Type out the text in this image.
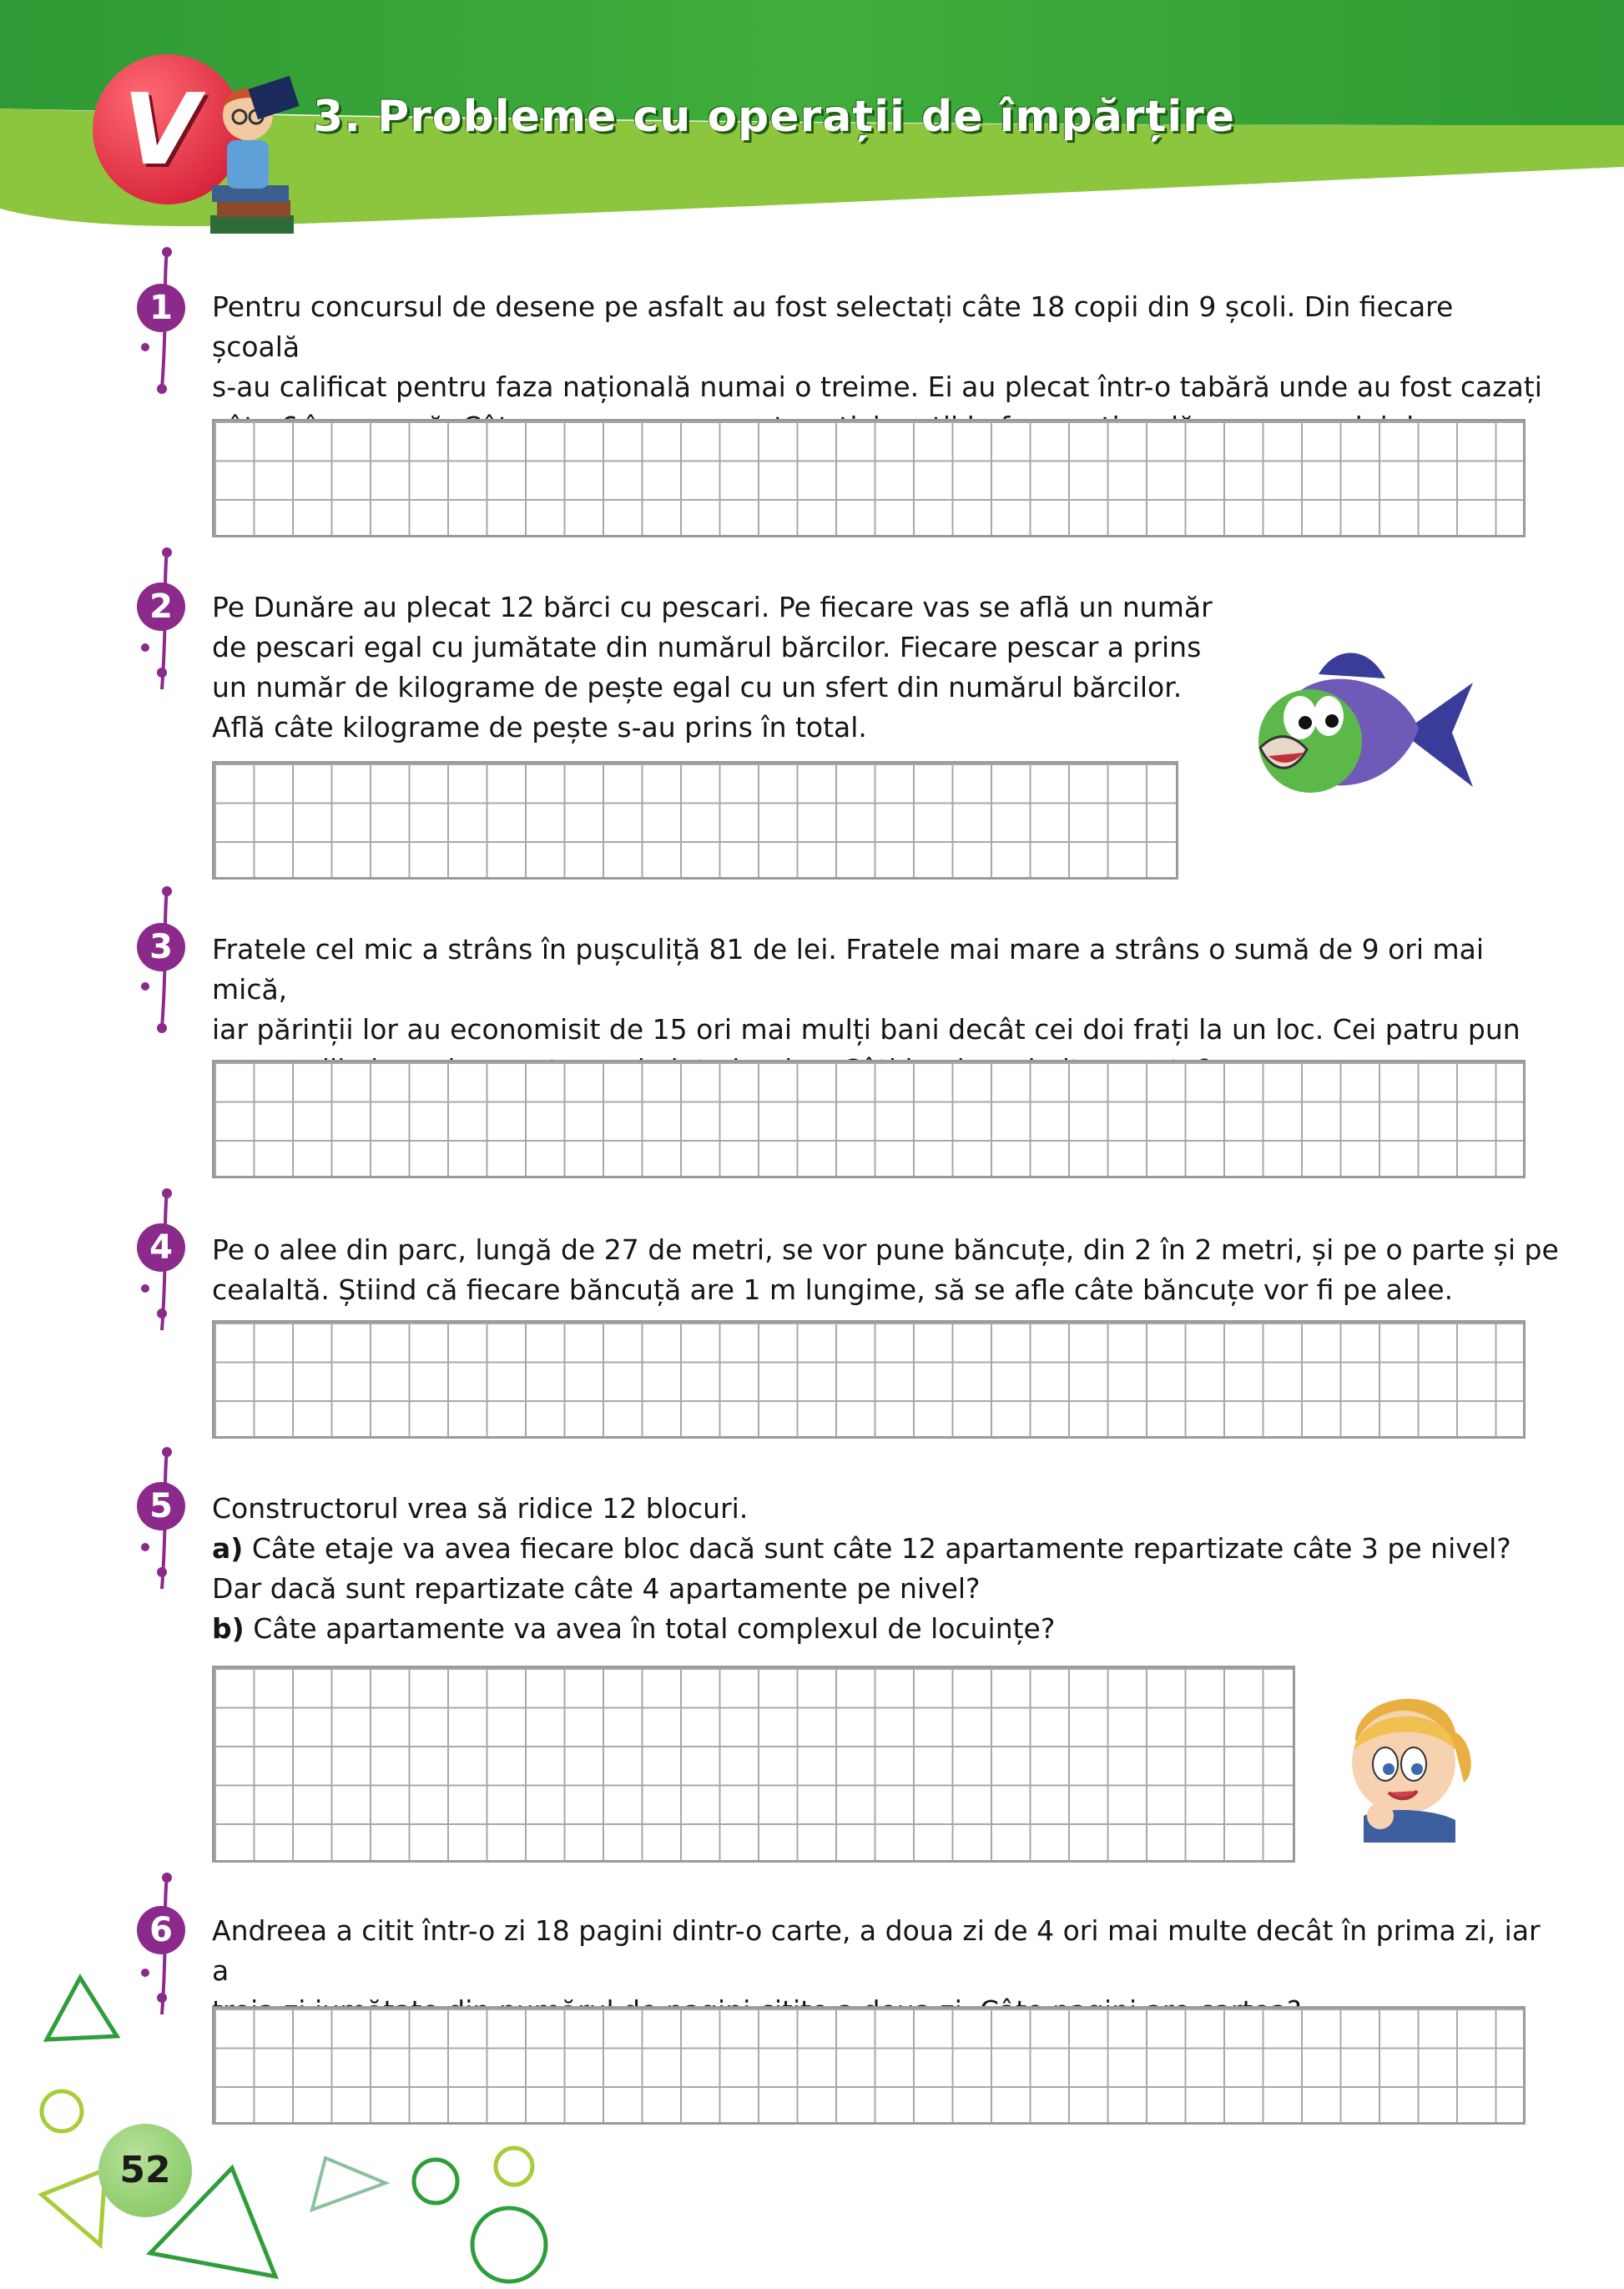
V	3. Probleme cu operații de împărțire
1	Pentru concursul de desene pe asfalt au fost selectați câte 18 copii din 9 școli. Din fiecare școală

s-au calificat pentru faza națională numai o treime. Ei au plecat într-o tabără unde au fost cazați

2	Pe Dunăre au plecat 12 bărci cu pescari. Pe fiecare vas se află un număr

de pescari egal cu jumătate din numărul bărcilor. Fiecare pescar a prins

un număr de kilograme de pește egal cu un sfert din numărul bărcilor.

Află câte kilograme de pește s-au prins în total.

3	Fratele cel mic a strâns în pușculiță 81 de lei. Fratele mai mare a strâns o sumă de 9 ori mai mică,

iar părinții lor au economisit de 15 ori mai mulți bani decât cei doi frați la un loc. Cei patru pun

4	Pe o alee din parc, lungă de 27 de metri, se vor pune băncuțe, din 2 în 2 metri, și pe o parte și pe

cealaltă. Știind că fiecare băncuță are 1 m lungime, să se afle câte băncuțe vor fi pe alee.

5	Constructorul vrea să ridice 12 blocuri.

a) Câte etaje va avea fiecare bloc dacă sunt câte 12 apartamente repartizate câte 3 pe nivel?

Dar dacă sunt repartizate câte 4 apartamente pe nivel?

b) Câte apartamente va avea în total complexul de locuințe?

6	Andreea a citit într-o zi 18 pagini dintr-o carte, a doua zi de 4 ori mai multe decât în prima zi, iar a

52
